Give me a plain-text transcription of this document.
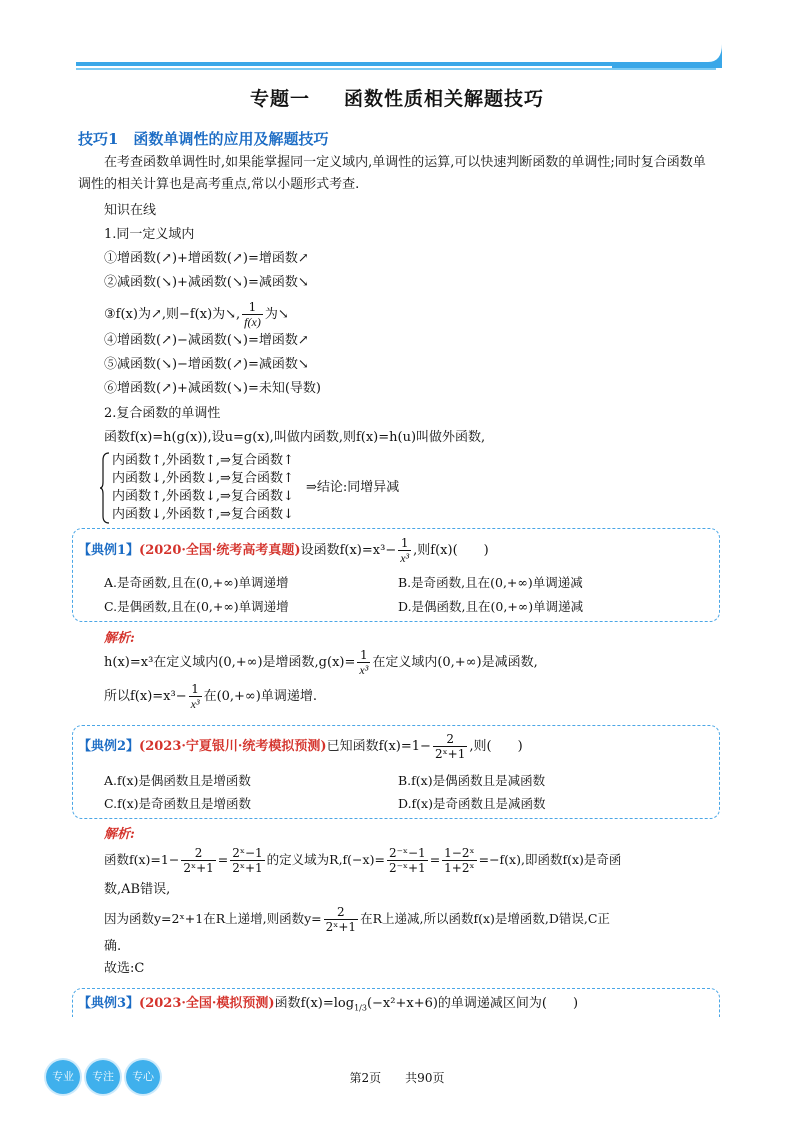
专题一 函数性质相关解题技巧
技巧1　函数单调性的应用及解题技巧
在考查函数单调性时,如果能掌握同一定义域内,单调性的运算,可以快速判断函数的单调性;同时复合函数单调性的相关计算也是高考重点,常以小题形式考查.
知识在线
1.同一定义域内
①增函数(↗)+增函数(↗)=增函数↗
②减函数(↘)+减函数(↘)=减函数↘
③f(x)为↗,则−f(x)为↘, $\frac{1}{f(x)}$ 为↘
④增函数(↗)−减函数(↘)=增函数↗
⑤减函数(↘)−增函数(↗)=减函数↘
⑥增函数(↗)+减函数(↘)=未知(导数)
2.复合函数的单调性
函数f(x)=h(g(x)),设u=g(x),叫做内函数,则f(x)=h(u)叫做外函数,
内函数↑,外函数↑,⇒复合函数↑
内函数↓,外函数↓,⇒复合函数↑
内函数↑,外函数↓,⇒复合函数↓
内函数↓,外函数↑,⇒复合函数↓
⇒结论:同增异减
【典例1】(2020·全国·统考高考真题)设函数$f(x)=x^3- \frac{1}{\text{x³}}$ ,则f(x)(　　)
A.是奇函数,且在(0,+∞)单调递增	B.是奇函数,且在(0,+∞)单调递减
C.是偶函数,且在(0,+∞)单调递增	D.是偶函数,且在(0,+∞)单调递减
解析:
h(x)=x³在定义域内(0,+∞)是增函数$,g(x)= \frac{1}{\text{x³}}$ 在定义域内(0,+∞)是减函数,
所以$f(x)=x^3- \frac{1}{\text{x³}}$ 在(0,+∞)单调递增.
【典例2】(2023·宁夏银川·统考模拟预测)已知函数$f(x)=1- \frac{2}{\text{2ˣ+1}}$ ,则(　　)
A.f(x)是偶函数且是增函数	B.f(x)是偶函数且是减函数
C.f(x)是奇函数且是增函数	D.f(x)是奇函数且是减函数
解析:
函数$f(x)=1- \frac{2}{\text{2ˣ+1}} = \frac{\text{2ˣ−1}}{\text{2ˣ+1}}$ 的定义域为$R,f(-x)= \frac{\text{2⁻ˣ−1}}{\text{2⁻ˣ+1}} = \frac{\text{1−2ˣ}}{\text{1+2ˣ}} =-f(x)$,即函数f(x)是奇函
数,AB错误,
因为函数y=2ˣ+1在R上递增,则函数$y= \frac{2}{\text{2ˣ+1}}$ 在R上递减,所以函数f(x)是增函数,D错误,C正
确.
故选:C
【典例3】(2023·全国·模拟预测)函数$f(x)=\log_{1/3}(-x^2+x+6)$的单调递减区间为(　　)
专业	专注	专心	第2页　　共90页
